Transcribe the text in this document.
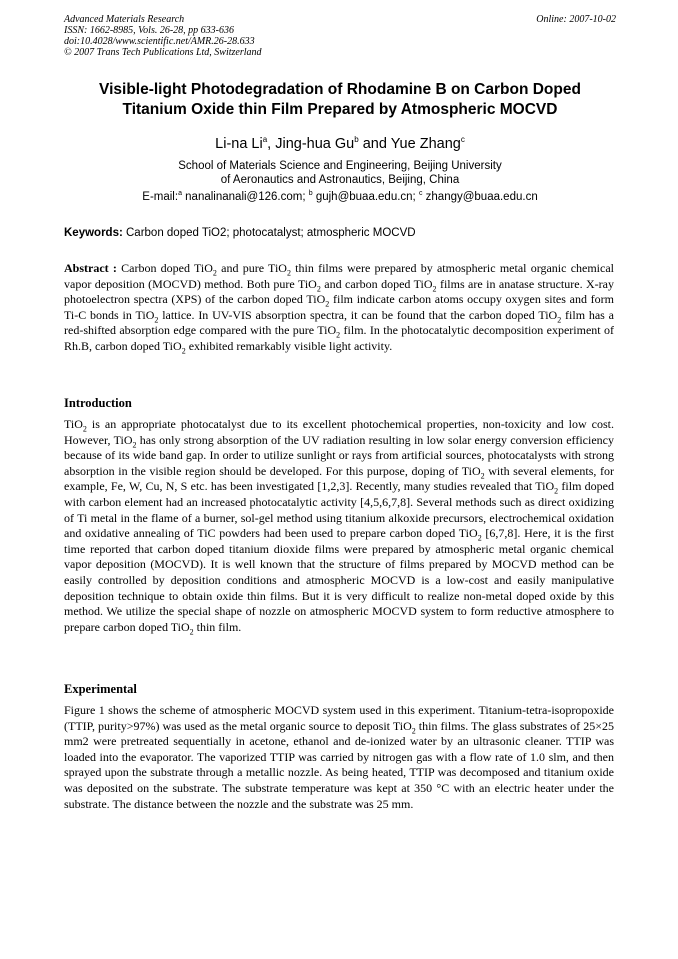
Advanced Materials Research
ISSN: 1662-8985, Vols. 26-28, pp 633-636
doi:10.4028/www.scientific.net/AMR.26-28.633
© 2007 Trans Tech Publications Ltd, Switzerland
Online: 2007-10-02
Visible-light Photodegradation of Rhodamine B on Carbon Doped
Titanium Oxide thin Film Prepared by Atmospheric MOCVD
Li-na Li$^a$, Jing-hua Gu$^b$ and Yue Zhang$^c$
School of Materials Science and Engineering, Beijing University
of Aeronautics and Astronautics, Beijing, China
E-mail:$^a$ nanalinanali@126.com; $^b$ gujh@buaa.edu.cn; $^c$ zhangy@buaa.edu.cn
Keywords: Carbon doped TiO2; photocatalyst; atmospheric MOCVD
Abstract : Carbon doped TiO$_2$ and pure TiO$_2$ thin films were prepared by atmospheric metal organic chemical vapor deposition (MOCVD) method. Both pure TiO$_2$ and carbon doped TiO$_2$ films are in anatase structure. X-ray photoelectron spectra (XPS) of the carbon doped TiO$_2$ film indicate carbon atoms occupy oxygen sites and form Ti-C bonds in TiO$_2$ lattice. In UV-VIS absorption spectra, it can be found that the carbon doped TiO$_2$ film has a red-shifted absorption edge compared with the pure TiO$_2$ film. In the photocatalytic decomposition experiment of Rh.B, carbon doped TiO$_2$ exhibited remarkably visible light activity.
Introduction
TiO$_2$ is an appropriate photocatalyst due to its excellent photochemical properties, non-toxicity and low cost. However, TiO$_2$ has only strong absorption of the UV radiation resulting in low solar energy conversion efficiency because of its wide band gap. In order to utilize sunlight or rays from artificial sources, photocatalysts with strong absorption in the visible region should be developed. For this purpose, doping of TiO$_2$ with several elements, for example, Fe, W, Cu, N, S etc. has been investigated [1,2,3]. Recently, many studies revealed that TiO$_2$ film doped with carbon element had an increased photocatalytic activity [4,5,6,7,8]. Several methods such as direct oxidizing of Ti metal in the flame of a burner, sol-gel method using titanium alkoxide precursors, electrochemical oxidation and oxidative annealing of TiC powders had been used to prepare carbon doped TiO$_2$ [6,7,8]. Here, it is the first time reported that carbon doped titanium dioxide films were prepared by atmospheric metal organic chemical vapor deposition (MOCVD). It is well known that the structure of films prepared by MOCVD method can be easily controlled by deposition conditions and atmospheric MOCVD is a low-cost and easily manipulative deposition technique to obtain oxide thin films. But it is very difficult to realize non-metal doped oxide by this method. We utilize the special shape of nozzle on atmospheric MOCVD system to form reductive atmosphere to prepare carbon doped TiO$_2$ thin film.
Experimental
Figure 1 shows the scheme of atmospheric MOCVD system used in this experiment. Titanium-tetra-isopropoxide (TTIP, purity>97%) was used as the metal organic source to deposit TiO$_2$ thin films. The glass substrates of 25×25 mm2 were pretreated sequentially in acetone, ethanol and de-ionized water by an ultrasonic cleaner. TTIP was loaded into the evaporator. The vaporized TTIP was carried by nitrogen gas with a flow rate of 1.0 slm, and then sprayed upon the substrate through a metallic nozzle. As being heated, TTIP was decomposed and titanium oxide was deposited on the substrate. The substrate temperature was kept at 350 °C with an electric heater under the substrate. The distance between the nozzle and the substrate was 25 mm.
